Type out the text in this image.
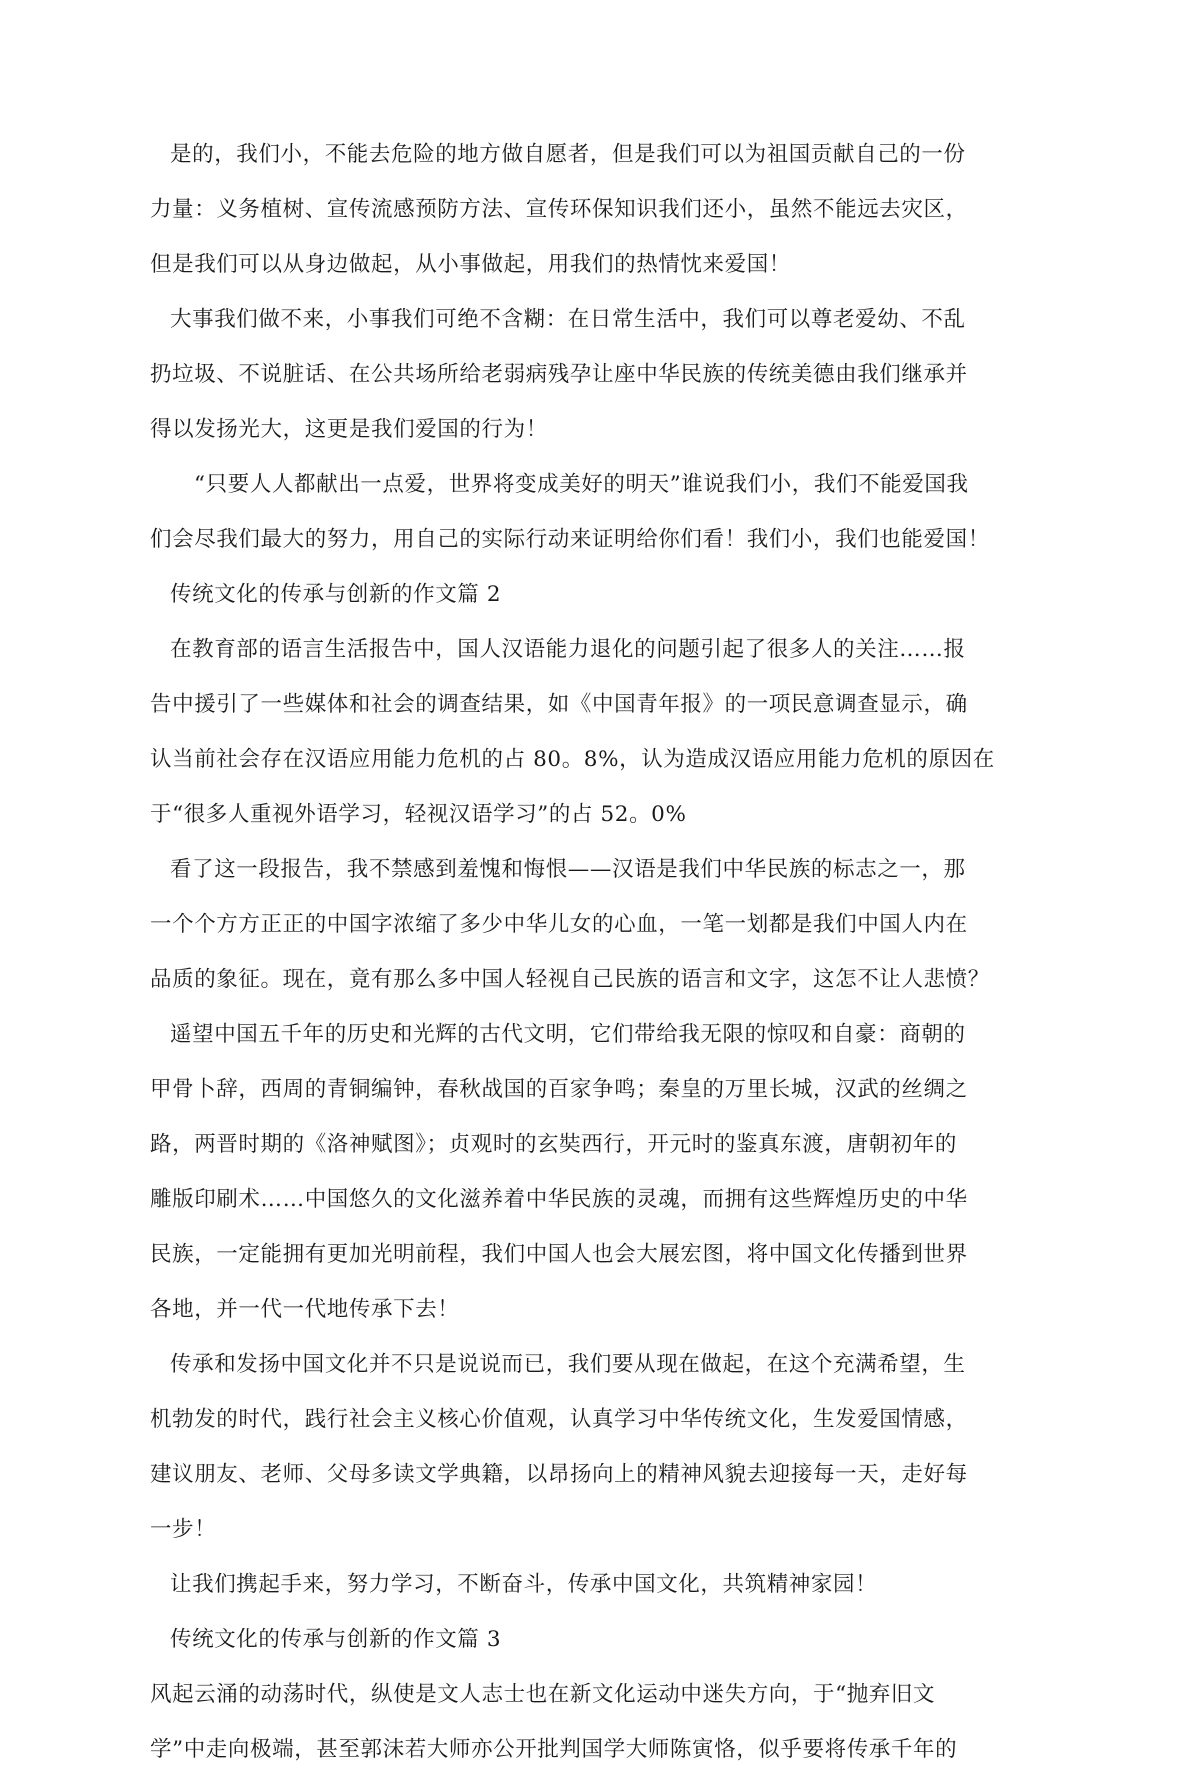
是的，我们小，不能去危险的地方做自愿者，但是我们可以为祖国贡献自己的一份
力量：义务植树、宣传流感预防方法、宣传环保知识我们还小，虽然不能远去灾区，
但是我们可以从身边做起，从小事做起，用我们的热情忱来爱国！
大事我们做不来，小事我们可绝不含糊：在日常生活中，我们可以尊老爱幼、不乱
扔垃圾、不说脏话、在公共场所给老弱病残孕让座中华民族的传统美德由我们继承并
得以发扬光大，这更是我们爱国的行为！
“只要人人都献出一点爱，世界将变成美好的明天”谁说我们小，我们不能爱国我
们会尽我们最大的努力，用自己的实际行动来证明给你们看！我们小，我们也能爱国！
传统文化的传承与创新的作文篇 2
在教育部的语言生活报告中，国人汉语能力退化的问题引起了很多人的关注……报
告中援引了一些媒体和社会的调查结果，如《中国青年报》的一项民意调查显示，确
认当前社会存在汉语应用能力危机的占 80。8%，认为造成汉语应用能力危机的原因在
于“很多人重视外语学习，轻视汉语学习”的占 52。0%
看了这一段报告，我不禁感到羞愧和悔恨——汉语是我们中华民族的标志之一，那
一个个方方正正的中国字浓缩了多少中华儿女的心血，一笔一划都是我们中国人内在
品质的象征。现在，竟有那么多中国人轻视自己民族的语言和文字，这怎不让人悲愤？
遥望中国五千年的历史和光辉的古代文明，它们带给我无限的惊叹和自豪：商朝的
甲骨卜辞，西周的青铜编钟，春秋战国的百家争鸣；秦皇的万里长城，汉武的丝绸之
路，两晋时期的《洛神赋图》；贞观时的玄奘西行，开元时的鉴真东渡，唐朝初年的
雕版印刷术……中国悠久的文化滋养着中华民族的灵魂，而拥有这些辉煌历史的中华
民族，一定能拥有更加光明前程，我们中国人也会大展宏图，将中国文化传播到世界
各地，并一代一代地传承下去！
传承和发扬中国文化并不只是说说而已，我们要从现在做起，在这个充满希望，生
机勃发的时代，践行社会主义核心价值观，认真学习中华传统文化，生发爱国情感，
建议朋友、老师、父母多读文学典籍，以昂扬向上的精神风貌去迎接每一天，走好每
一步！
让我们携起手来，努力学习，不断奋斗，传承中国文化，共筑精神家园！
传统文化的传承与创新的作文篇 3
风起云涌的动荡时代，纵使是文人志士也在新文化运动中迷失方向，于“抛弃旧文
学”中走向极端，甚至郭沫若大师亦公开批判国学大师陈寅恪，似乎要将传承千年的
